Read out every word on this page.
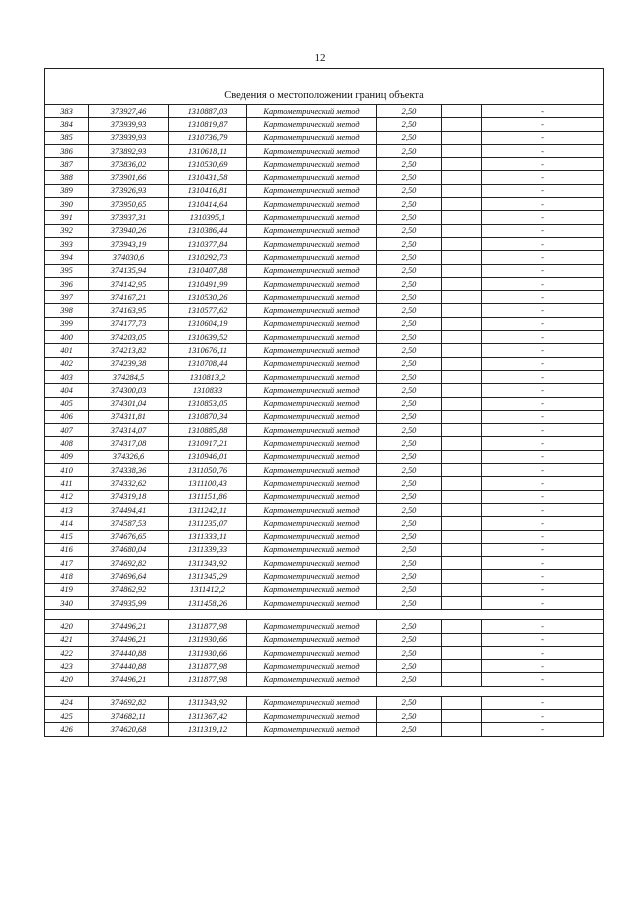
12
Сведения о местоположении границ объекта						
383	373927,46	1310887,03	Картометрический метод	2,50		-
384	373939,93	1310819,87	Картометрический метод	2,50		-
385	373939,93	1310736,79	Картометрический метод	2,50		-
386	373892,93	1310618,11	Картометрический метод	2,50		-
387	373836,02	1310530,69	Картометрический метод	2,50		-
388	373901,66	1310431,58	Картометрический метод	2,50		-
389	373926,93	1310416,81	Картометрический метод	2,50		-
390	373950,65	1310414,64	Картометрический метод	2,50		-
391	373937,31	1310395,1	Картометрический метод	2,50		-
392	373940,26	1310386,44	Картометрический метод	2,50		-
393	373943,19	1310377,84	Картометрический метод	2,50		-
394	374030,6	1310292,73	Картометрический метод	2,50		-
395	374135,94	1310407,88	Картометрический метод	2,50		-
396	374142,95	1310491,99	Картометрический метод	2,50		-
397	374167,21	1310530,26	Картометрический метод	2,50		-
398	374163,95	1310577,62	Картометрический метод	2,50		-
399	374177,73	1310604,19	Картометрический метод	2,50		-
400	374203,05	1310639,52	Картометрический метод	2,50		-
401	374213,82	1310676,11	Картометрический метод	2,50		-
402	374239,38	1310708,44	Картометрический метод	2,50		-
403	374284,5	1310813,2	Картометрический метод	2,50		-
404	374300,03	1310833	Картометрический метод	2,50		-
405	374301,04	1310853,05	Картометрический метод	2,50		-
406	374311,81	1310870,34	Картометрический метод	2,50		-
407	374314,07	1310885,88	Картометрический метод	2,50		-
408	374317,08	1310917,21	Картометрический метод	2,50		-
409	374326,6	1310946,01	Картометрический метод	2,50		-
410	374338,36	1311050,76	Картометрический метод	2,50		-
411	374332,62	1311100,43	Картометрический метод	2,50		-
412	374319,18	1311151,86	Картометрический метод	2,50		-
413	374494,41	1311242,11	Картометрический метод	2,50		-
414	374587,53	1311235,07	Картометрический метод	2,50		-
415	374676,65	1311333,11	Картометрический метод	2,50		-
416	374680,04	1311339,33	Картометрический метод	2,50		-
417	374692,82	1311343,92	Картометрический метод	2,50		-
418	374696,64	1311345,29	Картометрический метод	2,50		-
419	374862,92	1311412,2	Картометрический метод	2,50		-
340	374935,99	1311458,26	Картометрический метод	2,50		-

420	374496,21	1311877,98	Картометрический метод	2,50		-
421	374496,21	1311930,66	Картометрический метод	2,50		-
422	374440,88	1311930,66	Картометрический метод	2,50		-
423	374440,88	1311877,98	Картометрический метод	2,50		-
420	374496,21	1311877,98	Картометрический метод	2,50		-

424	374692,82	1311343,92	Картометрический метод	2,50		-
425	374682,11	1311367,42	Картометрический метод	2,50		-
426	374620,68	1311319,12	Картометрический метод	2,50		-
